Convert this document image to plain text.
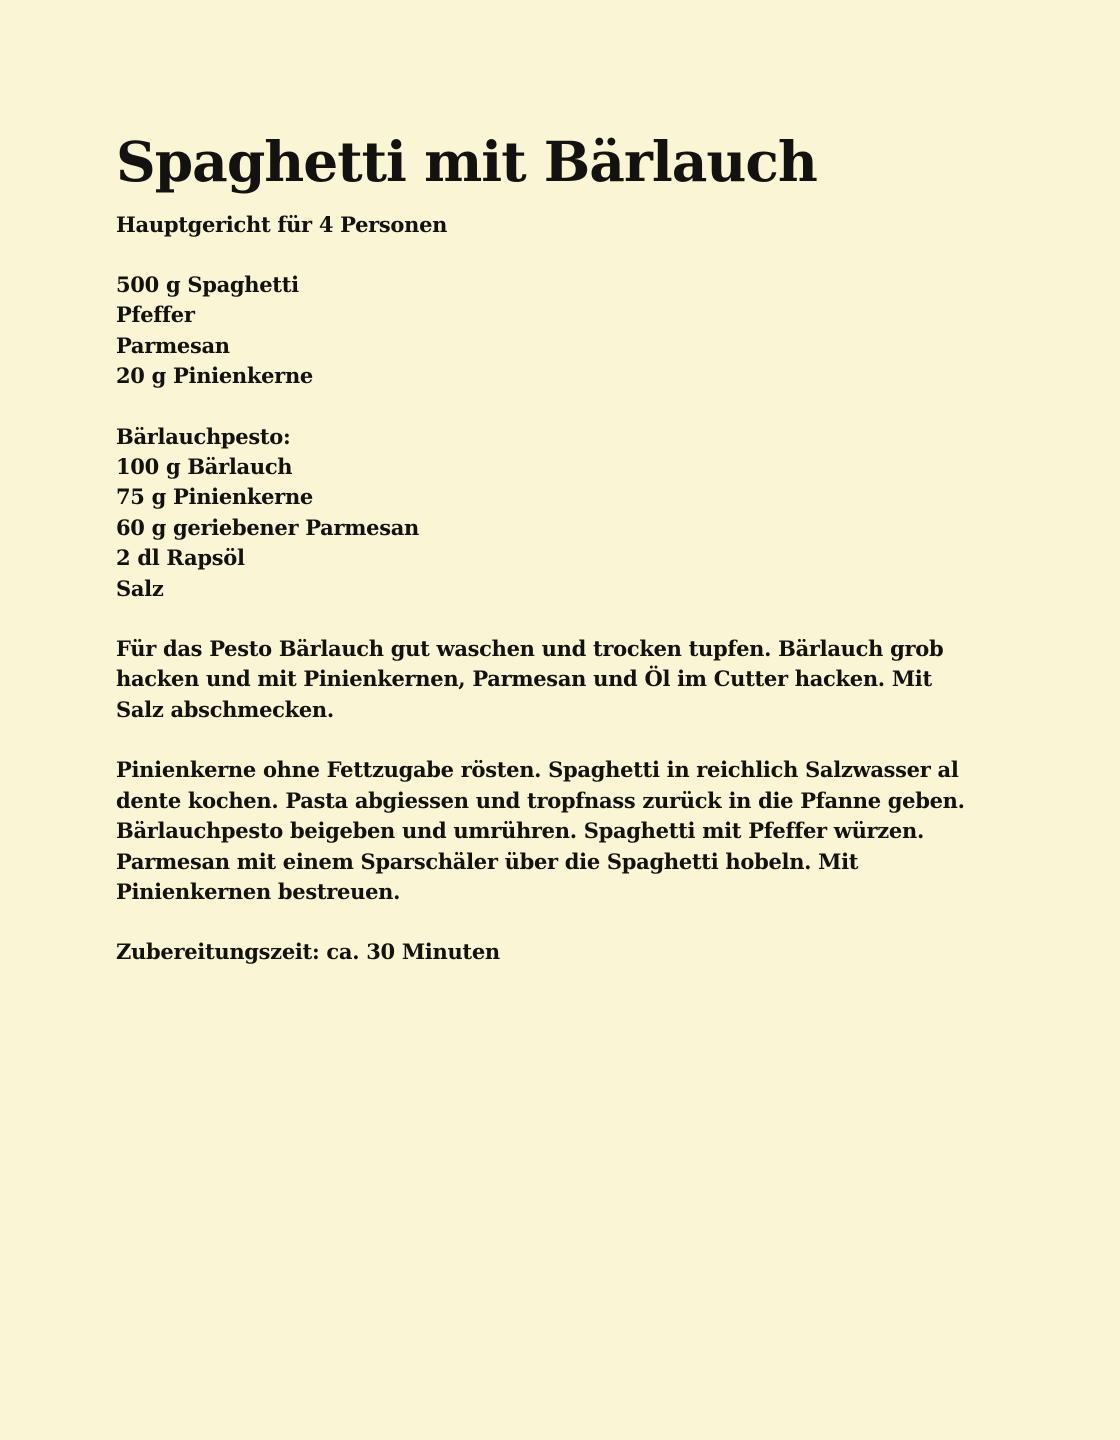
Spaghetti mit Bärlauch

Hauptgericht für 4 Personen

500 g Spaghetti
Pfeffer
Parmesan
20 g Pinienkerne
Bärlauchpesto:
100 g Bärlauch
75 g Pinienkerne
60 g geriebener Parmesan
2 dl Rapsöl
Salz
Für das Pesto Bärlauch gut waschen und trocken tupfen. Bärlauch grob
hacken und mit Pinienkernen, Parmesan und Öl im Cutter hacken. Mit
Salz abschmecken.
Pinienkerne ohne Fettzugabe rösten. Spaghetti in reichlich Salzwasser al
dente kochen. Pasta abgiessen und tropfnass zurück in die Pfanne geben.
Bärlauchpesto beigeben und umrühren. Spaghetti mit Pfeffer würzen.
Parmesan mit einem Sparschäler über die Spaghetti hobeln. Mit
Pinienkernen bestreuen.

Zubereitungszeit: ca. 30 Minuten
